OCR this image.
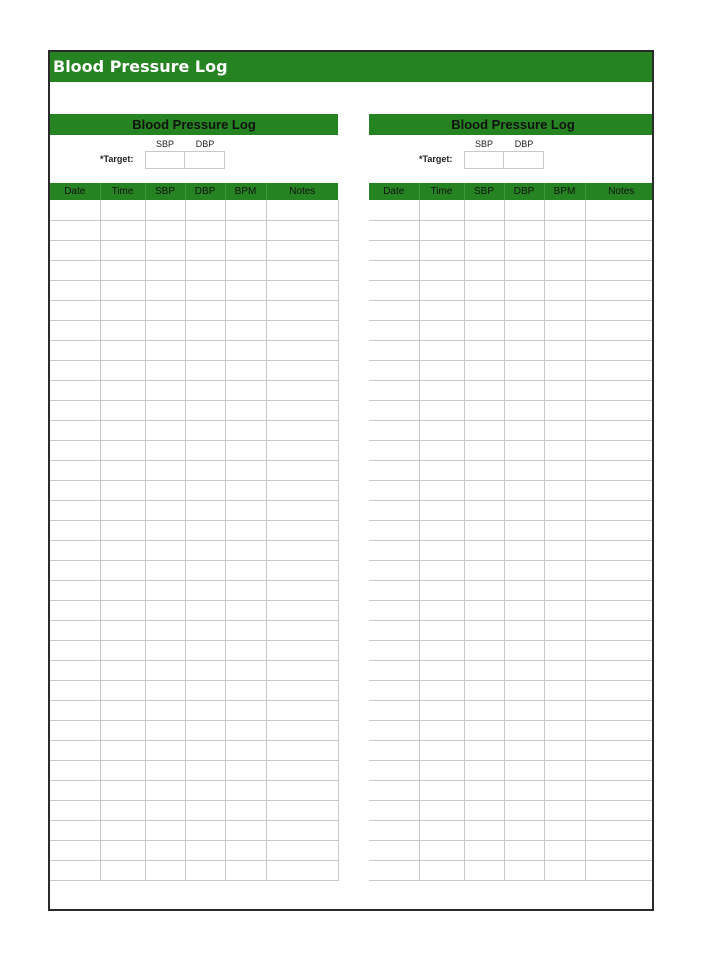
Blood Pressure Log
Blood Pressure Log
SBP	DBP
*Target:
Date	Time	SBP	DBP	BPM	Notes

Blood Pressure Log
SBP	DBP
*Target:
Date	Time	SBP	DBP	BPM	Notes
